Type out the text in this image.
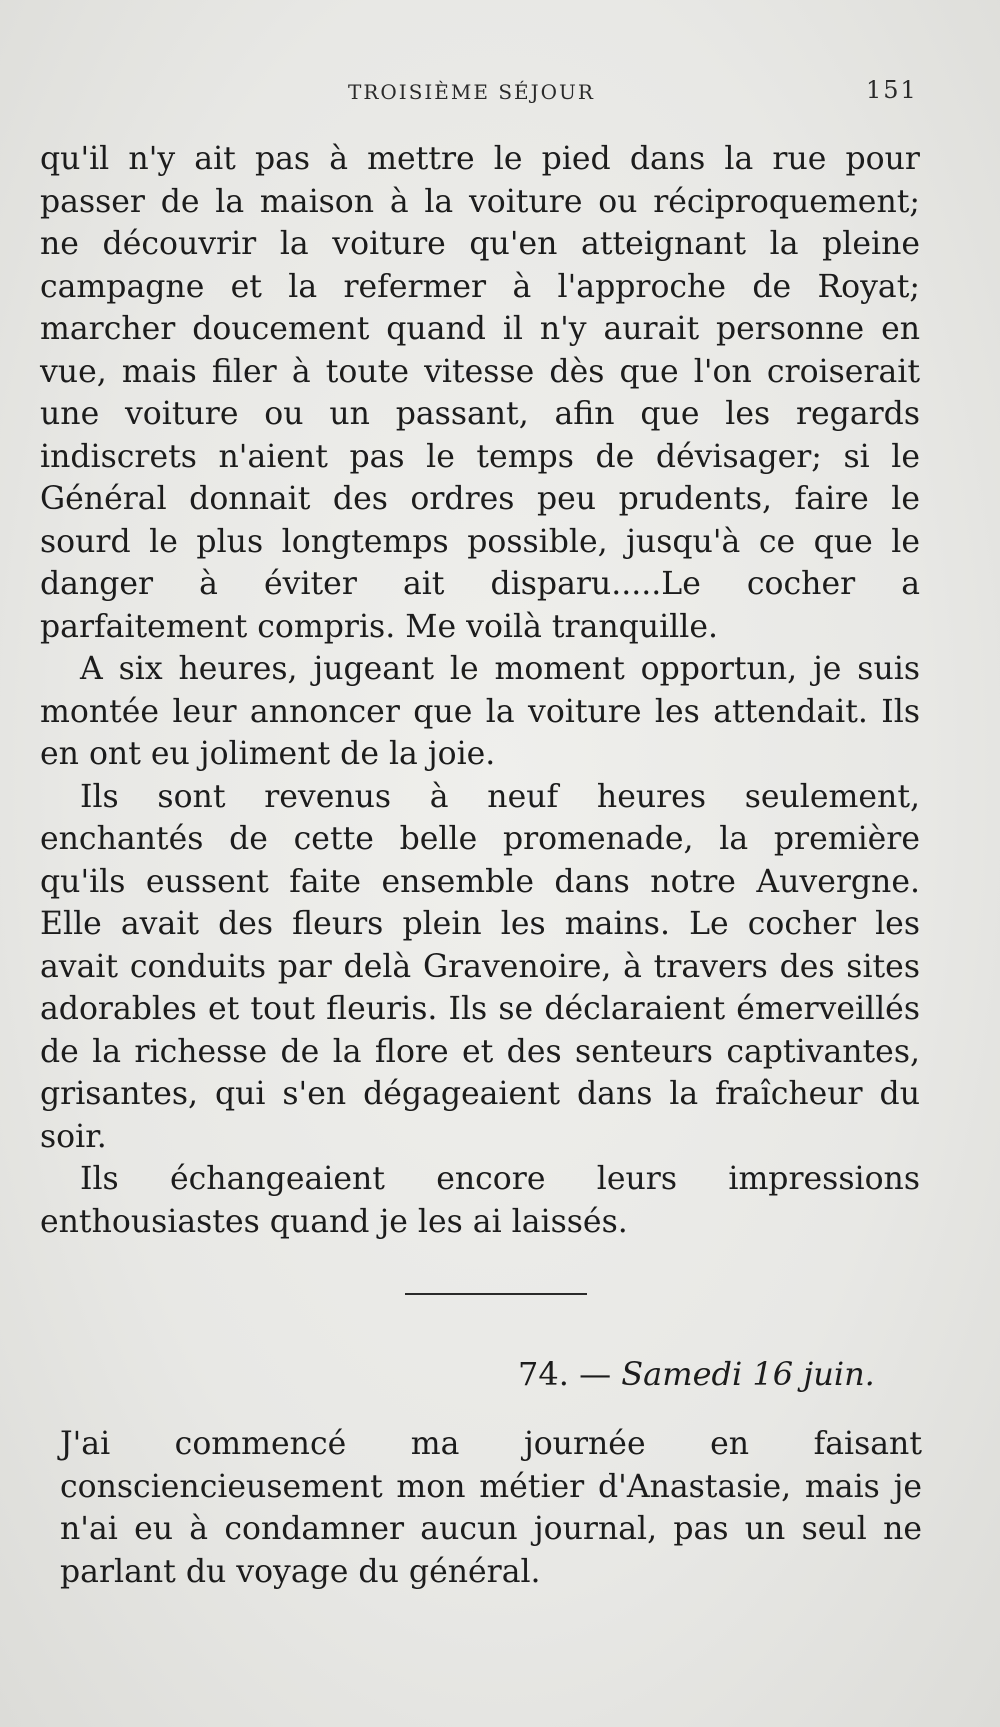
TROISIÈME SÉJOUR	151

qu'il n'y ait pas à mettre le pied dans la rue pour passer de la maison à la voiture ou réciproquement; ne découvrir la voiture qu'en atteignant la pleine campagne et la refermer à l'approche de Royat; marcher doucement quand il n'y aurait personne en vue, mais filer à toute vitesse dès que l'on croiserait une voiture ou un passant, afin que les regards indiscrets n'aient pas le temps de dévisager; si le Général donnait des ordres peu prudents, faire le sourd le plus longtemps possible, jusqu'à ce que le danger à éviter ait disparu.....Le cocher a parfaitement compris. Me voilà tranquille.

A six heures, jugeant le moment opportun, je suis montée leur annoncer que la voiture les attendait. Ils en ont eu joliment de la joie.

Ils sont revenus à neuf heures seulement, enchantés de cette belle promenade, la première qu'ils eussent faite ensemble dans notre Auvergne. Elle avait des fleurs plein les mains. Le cocher les avait conduits par delà Gravenoire, à travers des sites adorables et tout fleuris. Ils se déclaraient émerveillés de la richesse de la flore et des senteurs captivantes, grisantes, qui s'en dégageaient dans la fraîcheur du soir.

Ils échangeaient encore leurs impressions enthousiastes quand je les ai laissés.

74. — Samedi 16 juin.

J'ai commencé ma journée en faisant consciencieusement mon métier d'Anastasie, mais je n'ai eu à condamner aucun journal, pas un seul ne parlant du voyage du général.
